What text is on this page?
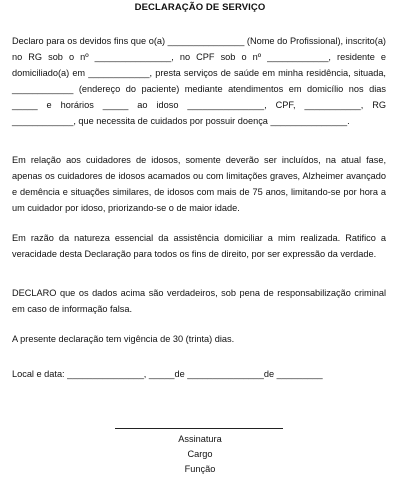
DECLARAÇÃO DE SERVIÇO

Declaro para os devidos fins que o(a) _______________ (Nome do Profissional), inscrito(a) no RG sob o nº _______________, no CPF sob o nº ____________, residente e domiciliado(a) em ____________, presta serviços de saúde em minha residência, situada, ____________ (endereço do paciente) mediante atendimentos em domicílio nos dias _____ e horários _____ ao idoso _______________, CPF, ___________, RG ____________, que necessita de cuidados por possuir doença _______________.

Em relação aos cuidadores de idosos, somente deverão ser incluídos, na atual fase, apenas os cuidadores de idosos acamados ou com limitações graves, Alzheimer avançado e demência e situações similares, de idosos com mais de 75 anos, limitando-se por hora a um cuidador por idoso, priorizando-se o de maior idade.

Em razão da natureza essencial da assistência domiciliar a mim realizada. Ratifico a veracidade desta Declaração para todos os fins de direito, por ser expressão da verdade.

DECLARO que os dados acima são verdadeiros, sob pena de responsabilização criminal em caso de informação falsa.

A presente declaração tem vigência de 30 (trinta) dias.

Local e data: _______________, _____de _______________de _________

Assinatura
Cargo
Função
